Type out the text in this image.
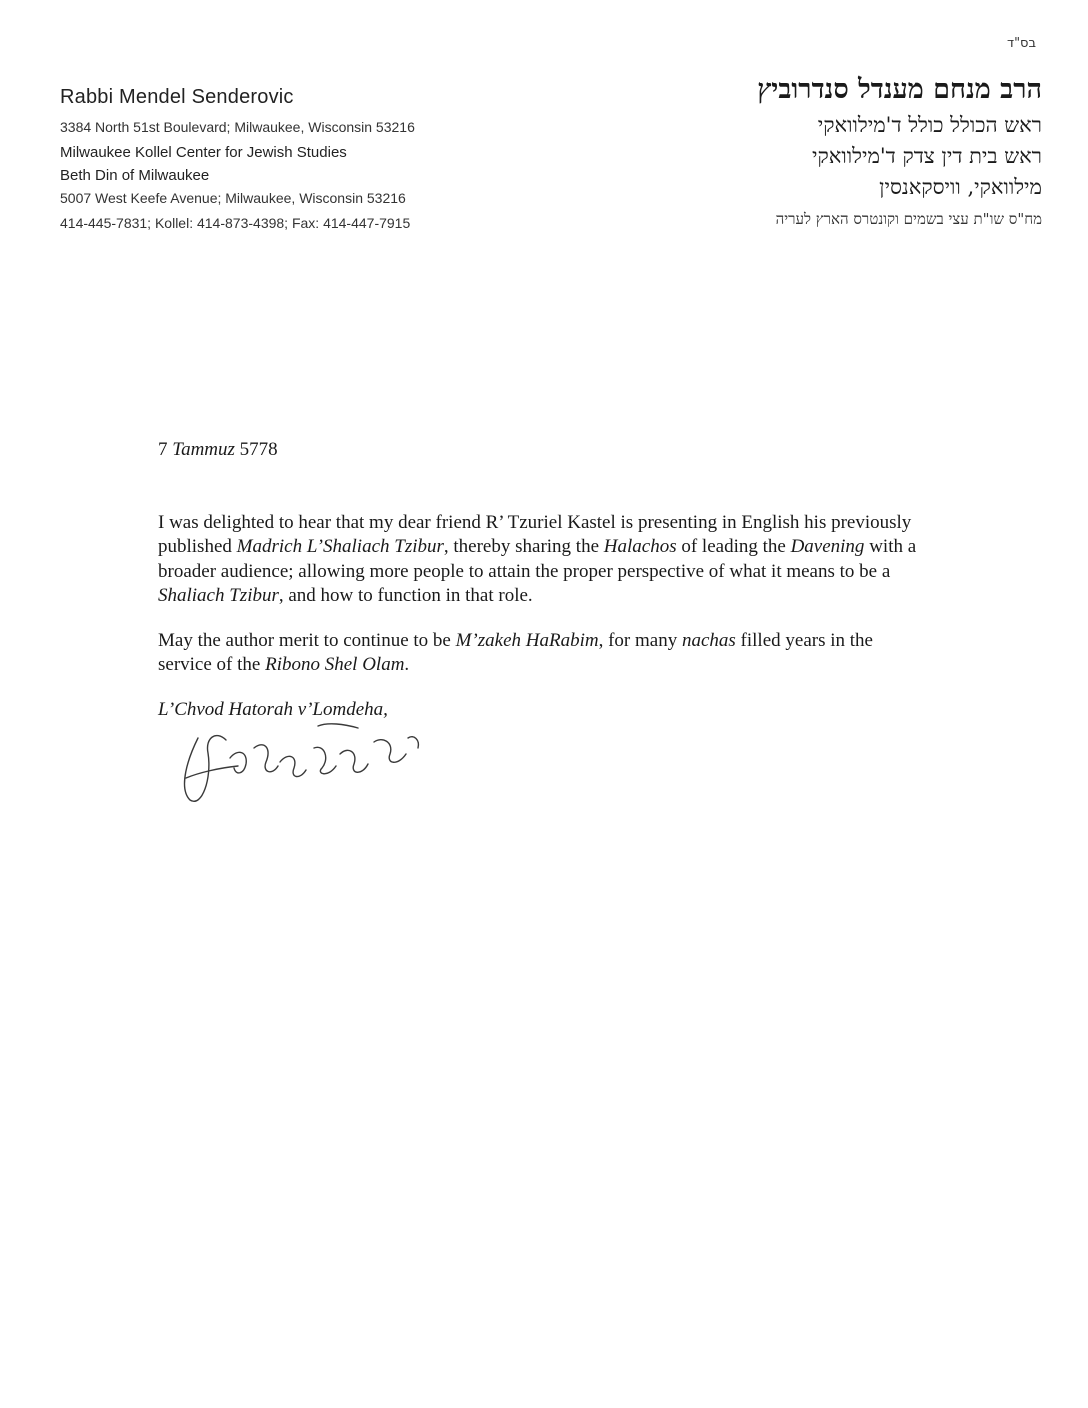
בס"ד
Rabbi Mendel Senderovic
3384 North 51st Boulevard; Milwaukee, Wisconsin 53216
Milwaukee Kollel Center for Jewish Studies
Beth Din of Milwaukee
5007 West Keefe Avenue; Milwaukee, Wisconsin 53216
414-445-7831; Kollel: 414-873-4398; Fax: 414-447-7915
הרב מנחם מענדל סנדרוביץ
ראש הכולל כולל ד'מילוואקי
ראש בית דין צדק ד'מילוואקי
מילוואקי, וויסקאנסין
מח"ס שו"ת עצי בשמים וקונטרס הארץ לעריה
7 Tammuz 5778

I was delighted to hear that my dear friend R’ Tzuriel Kastel is presenting in English his previously published Madrich L’Shaliach Tzibur, thereby sharing the Halachos of leading the Davening with a broader audience; allowing more people to attain the proper perspective of what it means to be a Shaliach Tzibur, and how to function in that role.

May the author merit to continue to be M’zakeh HaRabim, for many nachas filled years in the service of the Ribono Shel Olam.

L’Chvod Hatorah v’Lomdeha,
